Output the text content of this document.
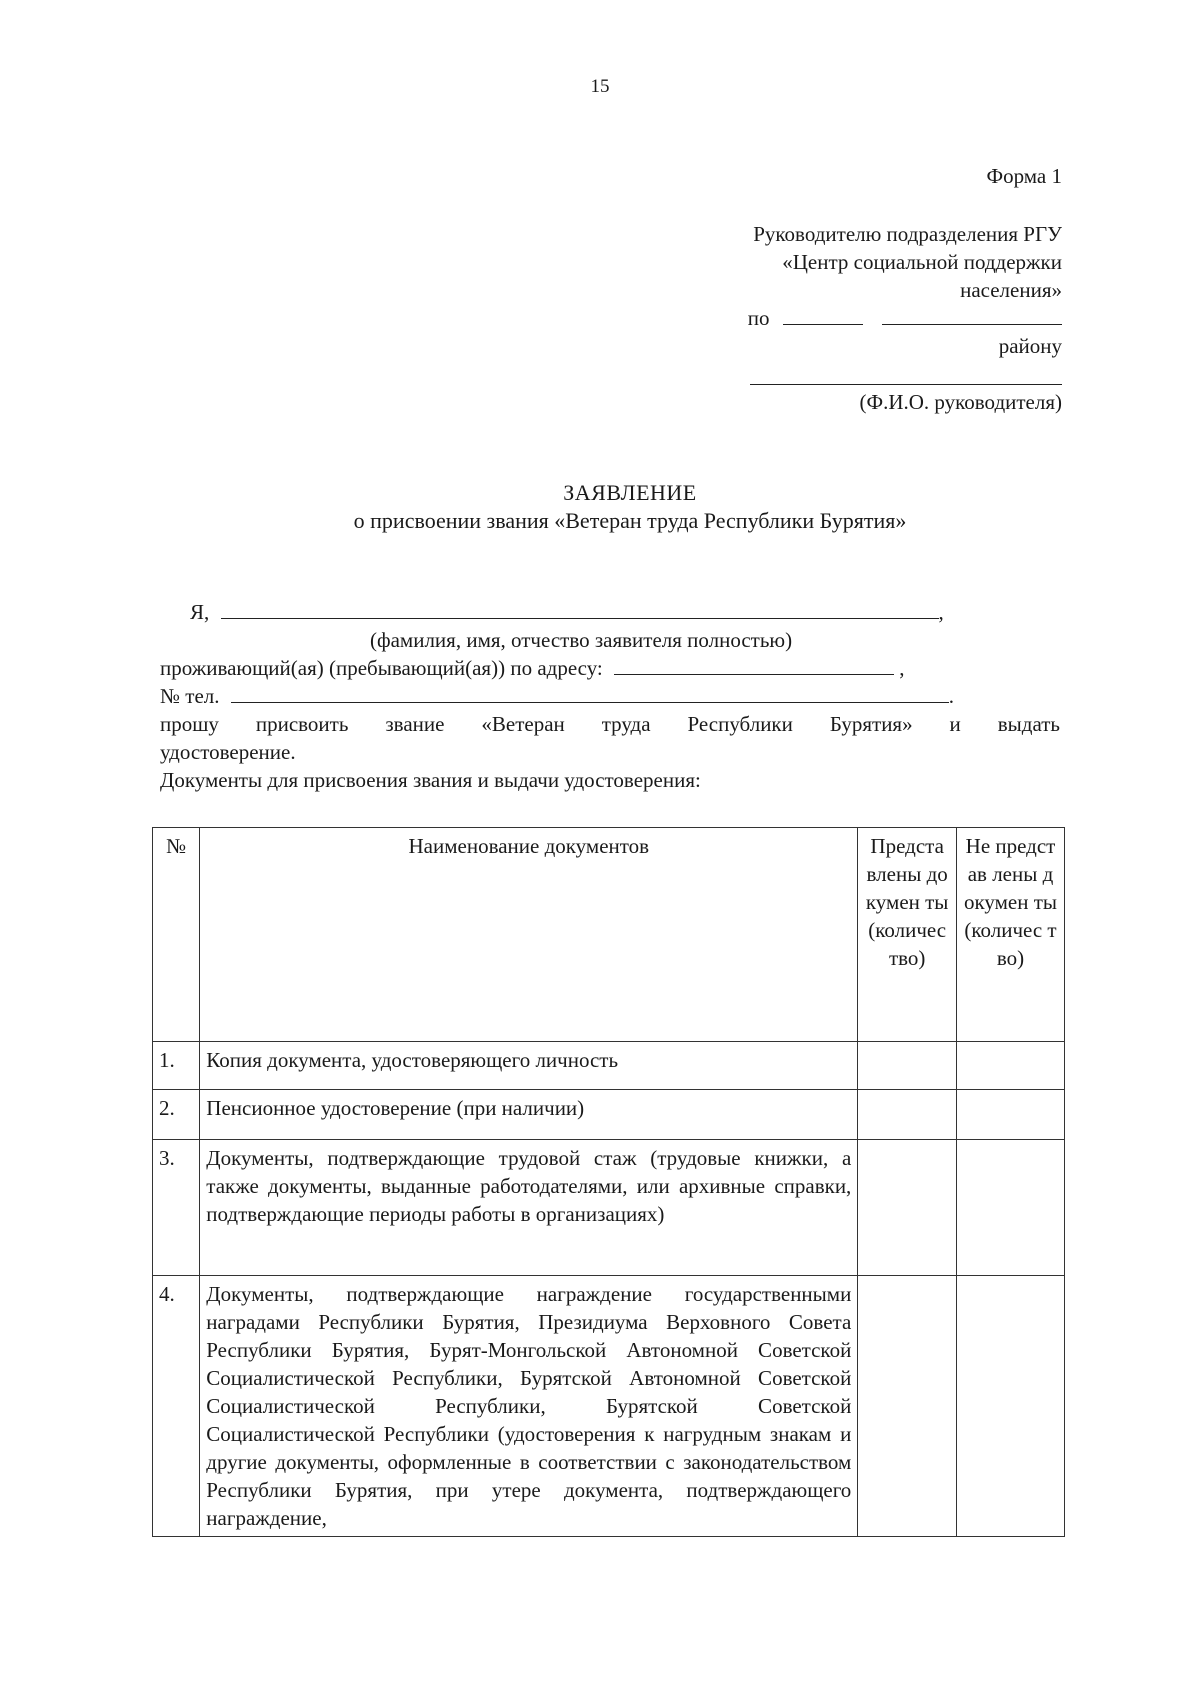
15
Форма 1
Руководителю подразделения РГУ
«Центр социальной поддержки
населения»
по
району
(Ф.И.О. руководителя)
ЗАЯВЛЕНИЕ
о присвоении звания «Ветеран труда Республики Бурятия»
Я,	,
(фамилия, имя, отчество заявителя полностью)
проживающий(ая) (пребывающий(ая)) по адресу:	,
№ тел.	.
прошу присвоить звание «Ветеран труда Республики Бурятия» и выдать
удостоверение.
Документы для присвоения звания и выдачи удостоверения:
№	Наименование документов	Предста влены докумен ты (количес тво)	Не представ лены докумен ты (количес тво)
1.	Копия документа, удостоверяющего личность		
2.	Пенсионное удостоверение (при наличии)		
3.	Документы, подтверждающие трудовой стаж (трудовые книжки, а также документы, выданные работодателями, или архивные справки, подтверждающие периоды работы в организациях)		
4.	Документы, подтверждающие награждение государственными наградами Республики Бурятия, Президиума Верховного Совета Республики Бурятия, Бурят-Монгольской Автономной Советской Социалистической Республики, Бурятской Автономной Советской Социалистической Республики, Бурятской Советской Социалистической Республики (удостоверения к нагрудным знакам и другие документы, оформленные в соответствии с законодательством Республики Бурятия, при утере документа, подтверждающего награждение,		
